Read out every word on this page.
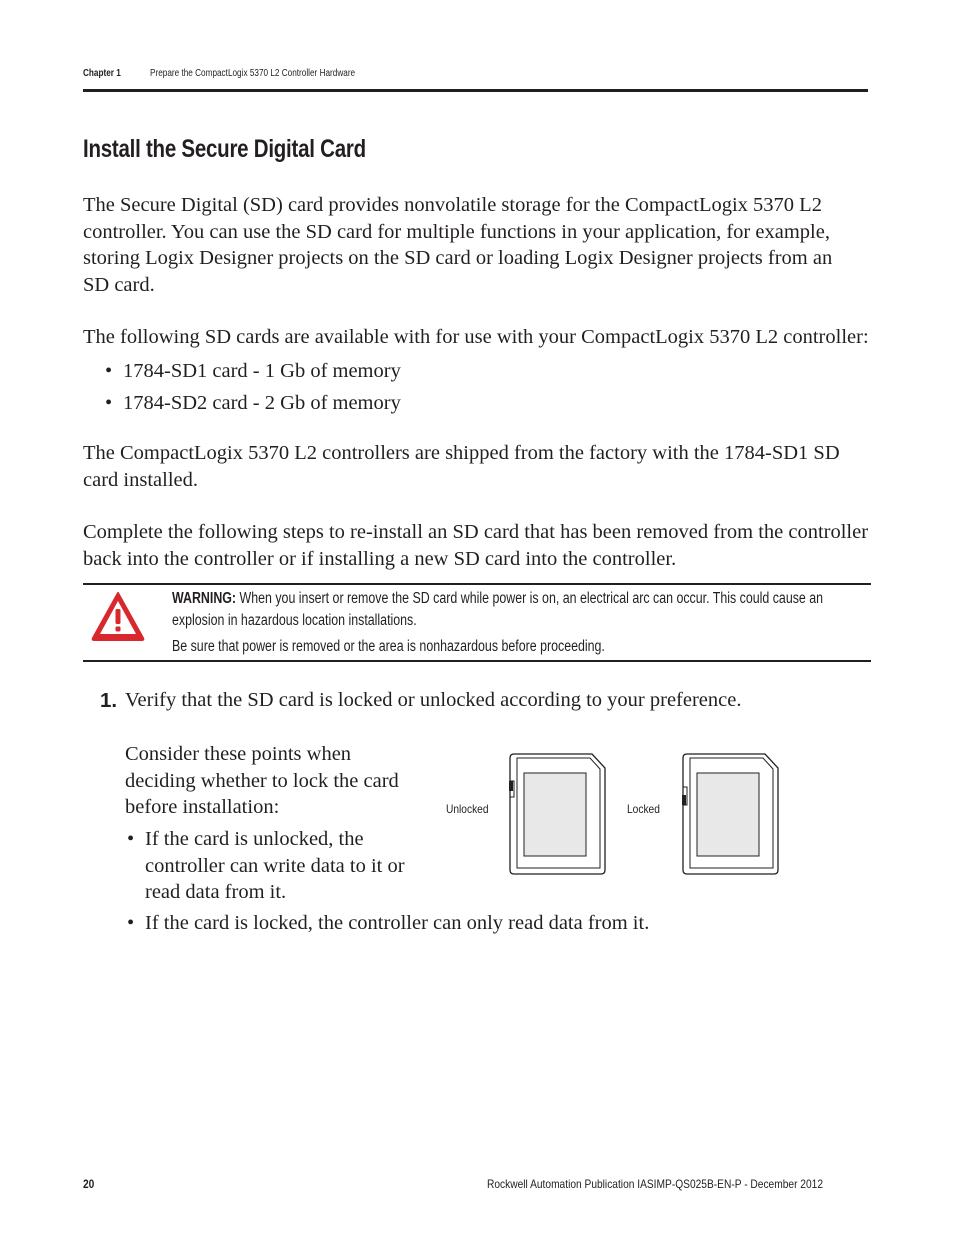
Chapter 1	Prepare the CompactLogix 5370 L2 Controller Hardware
Install the Secure Digital Card
The Secure Digital (SD) card provides nonvolatile storage for the CompactLogix 5370 L2 controller. You can use the SD card for multiple functions in your application, for example, storing Logix Designer projects on the SD card or loading Logix Designer projects from an SD card.
The following SD cards are available with for use with your CompactLogix 5370 L2 controller:
• 1784-SD1 card - 1 Gb of memory
• 1784-SD2 card - 2 Gb of memory
The CompactLogix 5370 L2 controllers are shipped from the factory with the 1784-SD1 SD card installed.
Complete the following steps to re-install an SD card that has been removed from the controller back into the controller or if installing a new SD card into the controller.

WARNING: When you insert or remove the SD card while power is on, an electrical arc can occur. This could cause an explosion in hazardous location installations.

Be sure that power is removed or the area is nonhazardous before proceeding.

1. Verify that the SD card is locked or unlocked according to your preference.
Consider these points when deciding whether to lock the card before installation:
• If the card is unlocked, the controller can write data to it or read data from it.
• If the card is locked, the controller can only read data from it.
Unlocked	Locked
20	Rockwell Automation Publication IASIMP-QS025B-EN-P - December 2012
